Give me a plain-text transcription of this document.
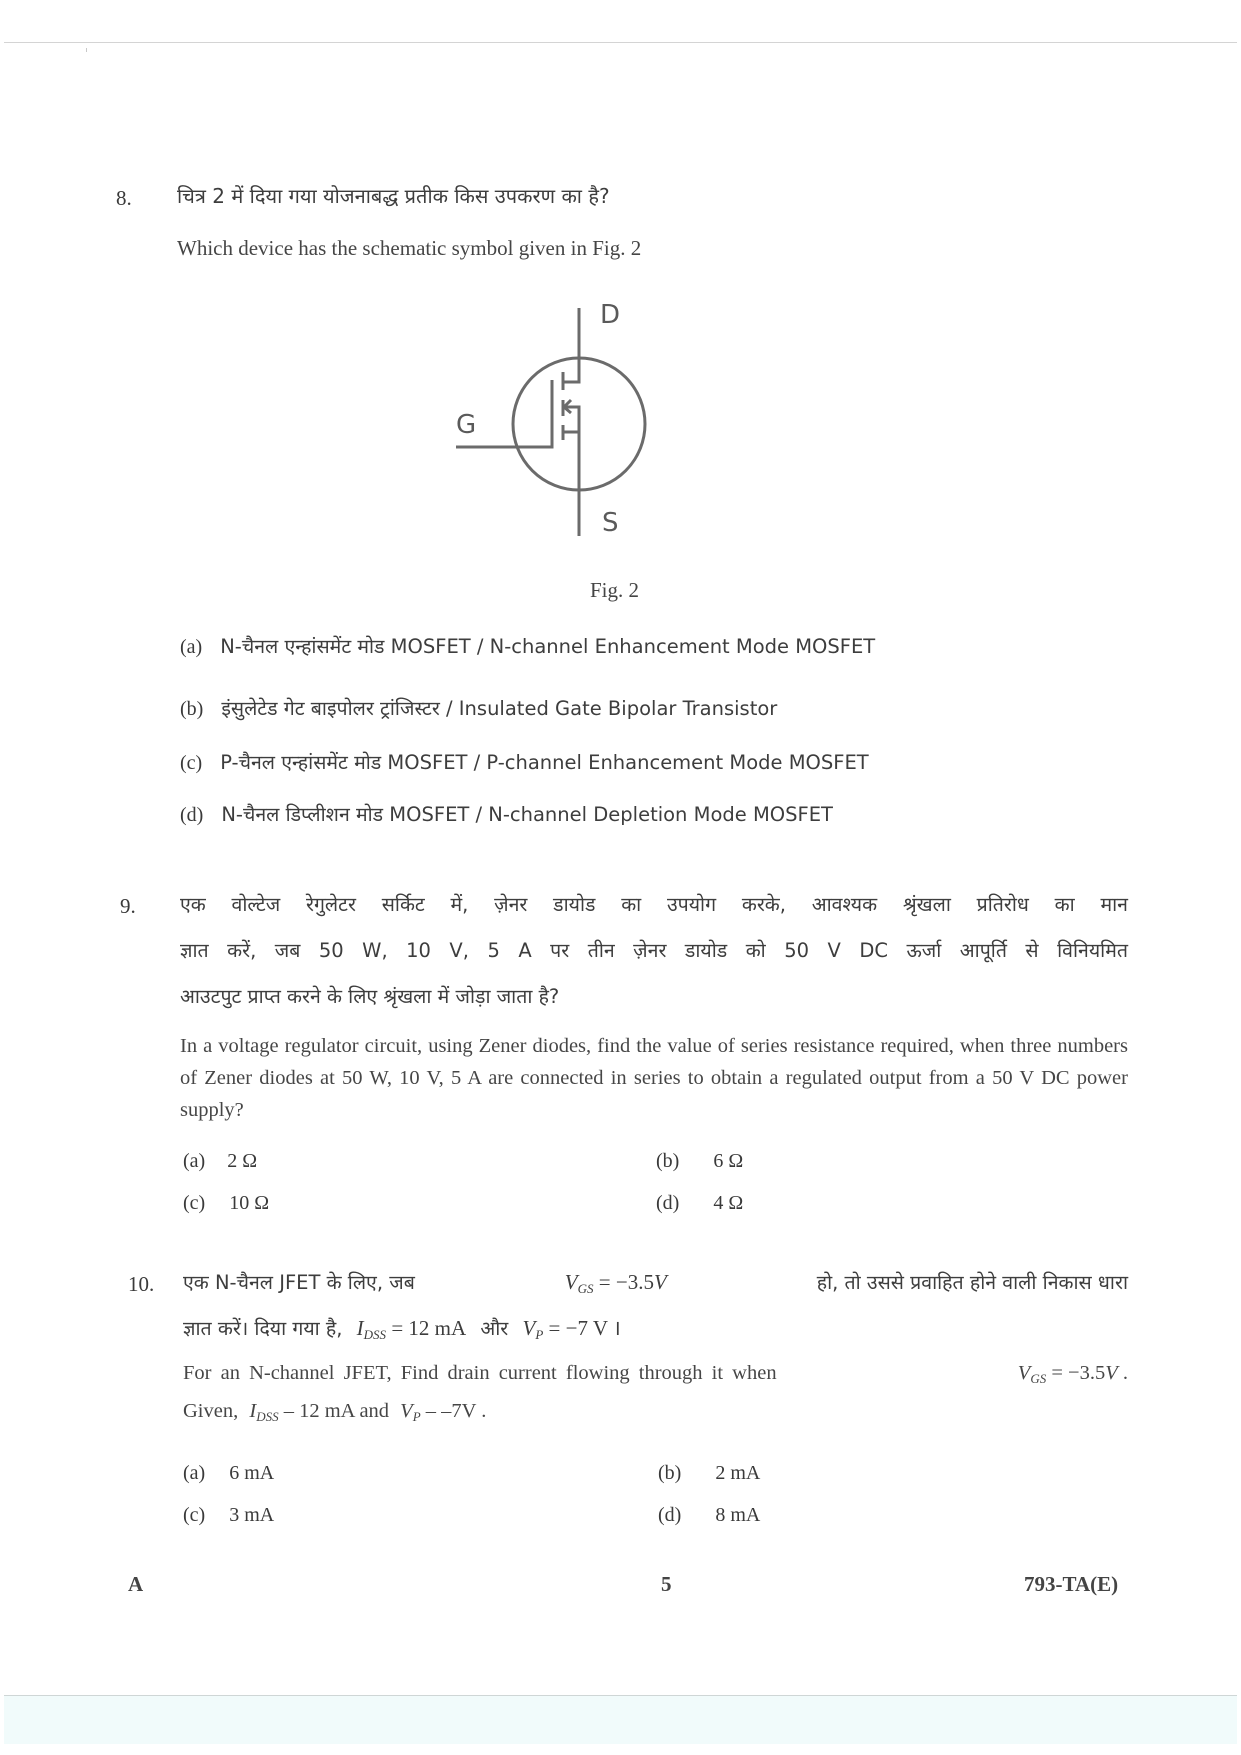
8. चित्र 2 में दिया गया योजनाबद्ध प्रतीक किस उपकरण का है?
Which device has the schematic symbol given in Fig. 2
D
S
G
Fig. 2
(a) N-चैनल एन्हांसमेंट मोड MOSFET / N-channel Enhancement Mode MOSFET
(b) इंसुलेटेड गेट बाइपोलर ट्रांजिस्टर / Insulated Gate Bipolar Transistor
(c) P-चैनल एन्हांसमेंट मोड MOSFET / P-channel Enhancement Mode MOSFET
(d) N-चैनल डिप्लीशन मोड MOSFET / N-channel Depletion Mode MOSFET
9. एक वोल्टेज रेगुलेटर सर्किट में, ज़ेनर डायोड का उपयोग करके, आवश्यक श्रृंखला प्रतिरोध का मान
ज्ञात करें, जब 50 W, 10 V, 5 A पर तीन ज़ेनर डायोड को 50 V DC ऊर्जा आपूर्ति से विनियमित
आउटपुट प्राप्त करने के लिए श्रृंखला में जोड़ा जाता है?
In a voltage regulator circuit, using Zener diodes, find the value of series resistance required, when three numbers of Zener diodes at 50 W, 10 V, 5 A are connected in series to obtain a regulated output from a 50 V DC power supply?
(a) 2 Ω	(b) 6 Ω
(c) 10 Ω	(d) 4 Ω
10. एक N-चैनल JFET के लिए, जब	$V_{GS} = -3.5V$	हो, तो उससे प्रवाहित होने वाली निकास धारा
ज्ञात करें। दिया गया है, $I_{DSS} = 12$ mA और $V_P = -7$ V ।
For an N-channel JFET, Find drain current flowing through it when	$V_{GS} = -3.5V$ .
Given, $I_{DSS} - 12$ mA and $V_P - -7V$ .
(a) 6 mA	(b) 2 mA
(c) 3 mA	(d) 8 mA
A	5	793-TA(E)
